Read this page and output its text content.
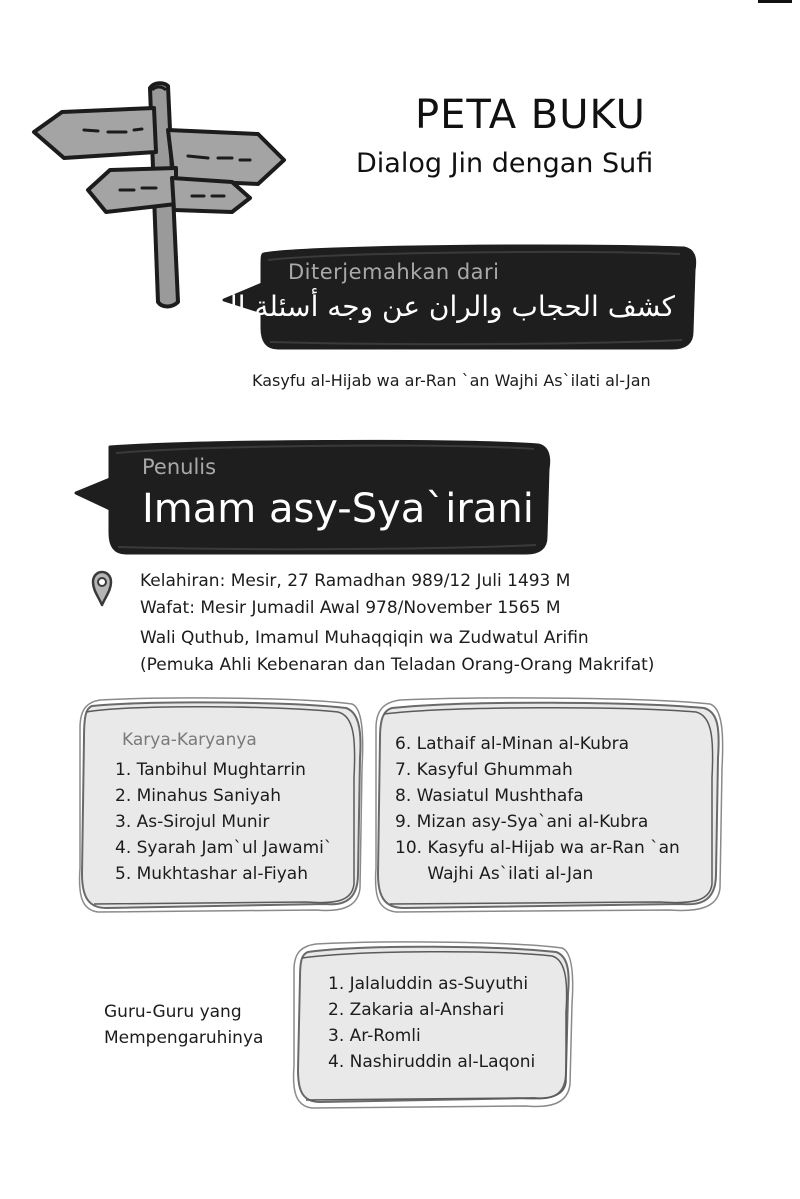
PETA BUKU
Dialog Jin dengan Sufi
Diterjemahkan dari
كشف الحجاب والران عن وجه أسئلة الجان
Kasyfu al-Hijab wa ar-Ran `an Wajhi As`ilati al-Jan
Penulis
Imam asy-Sya`irani
Kelahiran: Mesir, 27 Ramadhan 989/12 Juli 1493 M
Wafat: Mesir Jumadil Awal 978/November 1565 M
Wali Quthub, Imamul Muhaqqiqin wa Zudwatul Arifin
(Pemuka Ahli Kebenaran dan Teladan Orang-Orang Makrifat)
Karya-Karyanya
1. Tanbihul Mughtarrin
2. Minahus Saniyah
3. As-Sirojul Munir
4. Syarah Jam`ul Jawami`
5. Mukhtashar al-Fiyah
6. Lathaif al-Minan al-Kubra
7. Kasyful Ghummah
8. Wasiatul Mushthafa
9. Mizan asy-Sya`ani al-Kubra
10. Kasyfu al-Hijab wa ar-Ran `an
Wajhi As`ilati al-Jan
Guru-Guru yang
Mempengaruhinya
1. Jalaluddin as-Suyuthi
2. Zakaria al-Anshari
3. Ar-Romli
4. Nashiruddin al-Laqoni
